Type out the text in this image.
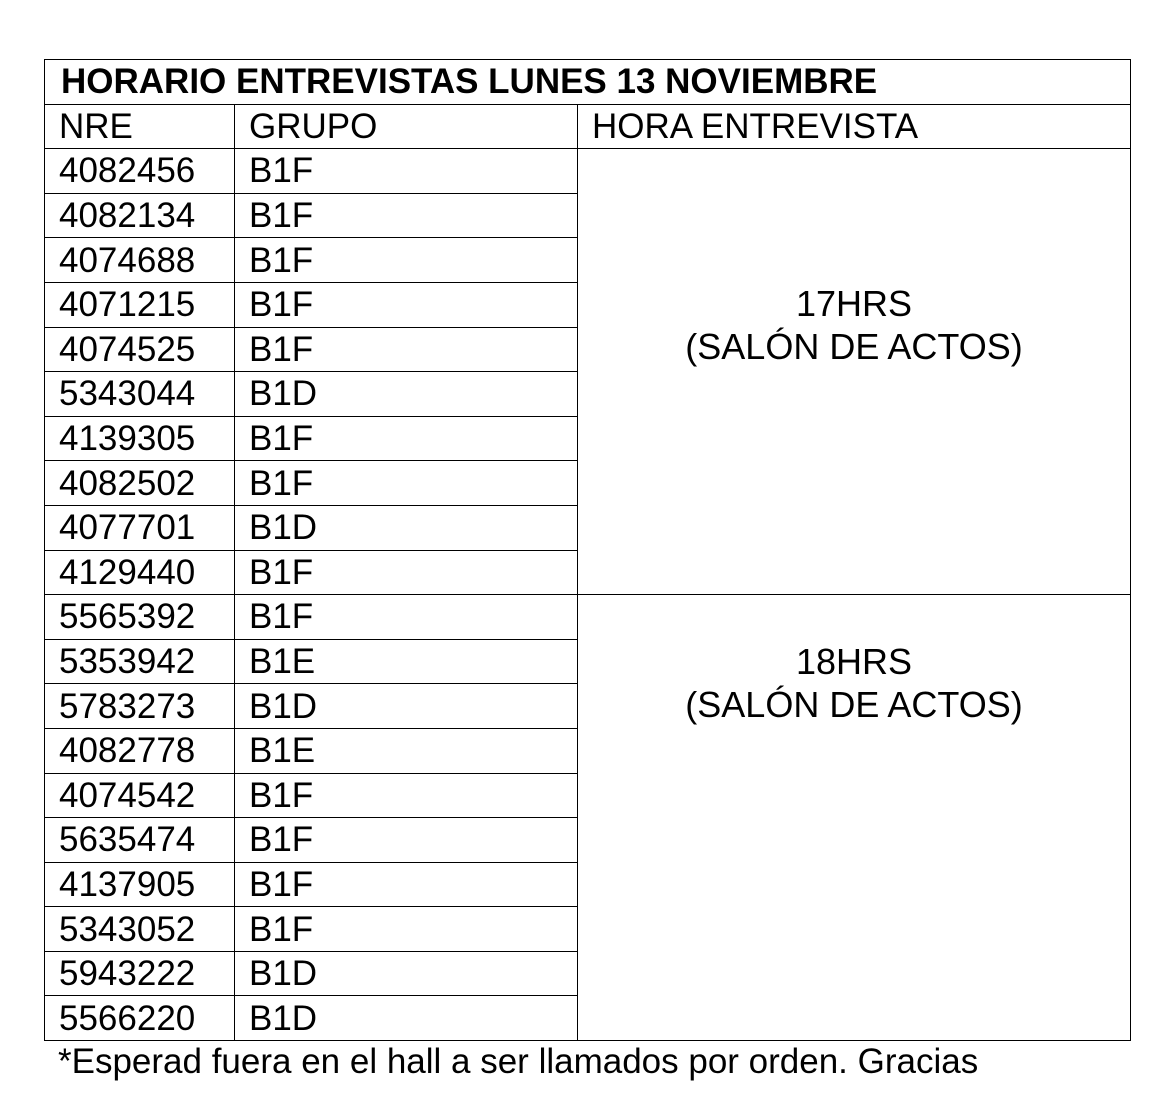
HORARIO ENTREVISTAS LUNES 13 NOVIEMBRE		
NRE	GRUPO	HORA ENTREVISTA
4082456	B1F	17HRS
(SALÓN DE ACTOS)

4082134	B1F	
4074688	B1F	
4071215	B1F	
4074525	B1F	
5343044	B1D	
4139305	B1F	
4082502	B1F	
4077701	B1D	
4129440	B1F	
5565392	B1F	18HRS
(SALÓN DE ACTOS)

5353942	B1E	
5783273	B1D	
4082778	B1E	
4074542	B1F	
5635474	B1F	
4137905	B1F	
5343052	B1F	
5943222	B1D	
5566220	B1D	
*Esperad fuera en el hall a ser llamados por orden. Gracias
